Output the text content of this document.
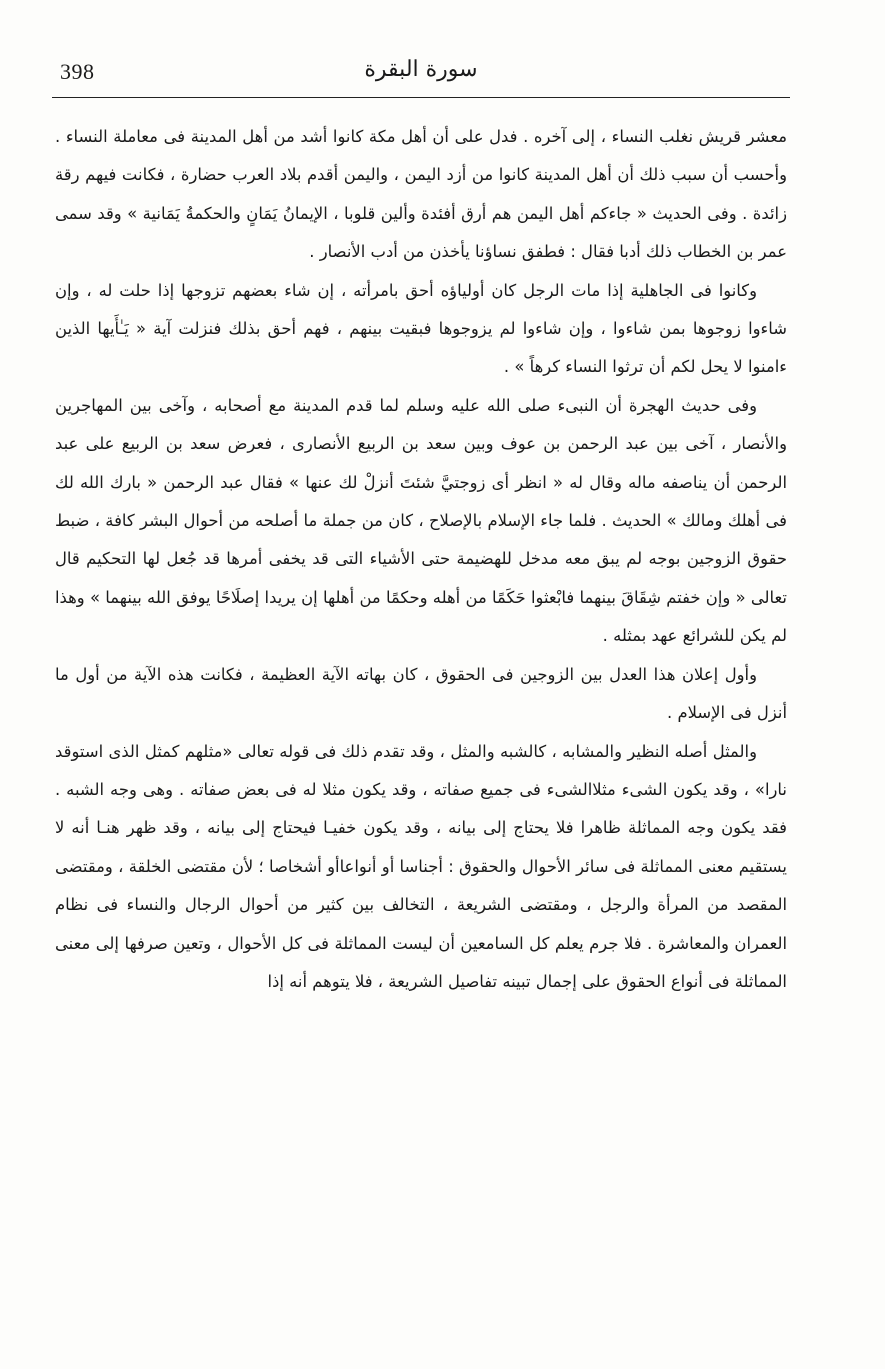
398	سورة البقرة

معشر قريش نغلب النساء ، إلى آخره . فدل على أن أهل مكة كانوا أشد من أهل المدينة فى معاملة النساء . وأحسب أن سبب ذلك أن أهل المدينة كانوا من أزد اليمن ، واليمن أقدم بلاد العرب حضارة ، فكانت فيهم رقة زائدة . وفى الحديث « جاءكم أهل اليمن هم أرق أفئدة وألين قلوبا ، الإيمانُ يَمَانٍ والحكمةُ يَمَانية » وقد سمى عمر بن الخطاب ذلك أدبا فقال : فطفق نساؤنا يأخذن من أدب الأنصار .

وكانوا فى الجاهلية إذا مات الرجل كان أولياؤه أحق بامرأته ، إن شاء بعضهم تزوجها إذا حلت له ، وإن شاءوا زوجوها بمن شاءوا ، وإن شاءوا لم يزوجوها فبقيت بينهم ، فهم أحق بذلك فنزلت آية « يَـٰأَيها الذين ءامنوا لا يحل لكم أن ترثوا النساء كرهاً » .

وفى حديث الهجرة أن النبىء صلى الله عليه وسلم لما قدم المدينة مع أصحابه ، وآخى بين المهاجرين والأنصار ، آخى بين عبد الرحمن بن عوف وبين سعد بن الربيع الأنصارى ، فعرض سعد بن الربيع على عبد الرحمن أن يناصفه ماله وقال له « انظر أى زوجتيَّ شئتَ أنزلْ لك عنها » فقال عبد الرحمن « بارك الله لك فى أهلك ومالك » الحديث . فلما جاء الإسلام بالإصلاح ، كان من جملة ما أصلحه من أحوال البشر كافة ، ضبط حقوق الزوجين بوجه لم يبق معه مدخل للهضيمة حتى الأشياء التى قد يخفى أمرها قد جُعل لها التحكيم قال تعالى « وإن خفتم شِقَاقَ بينهما فابْعثوا حَكَمًا من أهله وحكمًا من أهلها إن يريدا إصلَاحًا يوفق الله بينهما » وهذا لم يكن للشرائع عهد بمثله .

وأول إعلان هذا العدل بين الزوجين فى الحقوق ، كان بهاته الآية العظيمة ، فكانت هذه الآية من أول ما أنزل فى الإسلام .

والمثل أصله النظير والمشابه ، كالشبه والمثل ، وقد تقدم ذلك فى قوله تعالى «مثلهم كمثل الذى استوقد نارا» ، وقد يكون الشىء مثلاالشىء فى جميع صفاته ، وقد يكون مثلا له فى بعض صفاته . وهى وجه الشبه . فقد يكون وجه المماثلة ظاهرا فلا يحتاج إلى بيانه ، وقد يكون خفيـا فيحتاج إلى بيانه ، وقد ظهر هنـا أنه لا يستقيم معنى المماثلة فى سائر الأحوال والحقوق : أجناسا أو أنواعاأو أشخاصا ؛ لأن مقتضى الخلقة ، ومقتضى المقصد من المرأة والرجل ، ومقتضى الشريعة ، التخالف بين كثير من أحوال الرجال والنساء فى نظام العمران والمعاشرة . فلا جرم يعلم كل السامعين أن ليست المماثلة فى كل الأحوال ، وتعين صرفها إلى معنى المماثلة فى أنواع الحقوق على إجمال تبينه تفاصيل الشريعة ، فلا يتوهم أنه إذا
